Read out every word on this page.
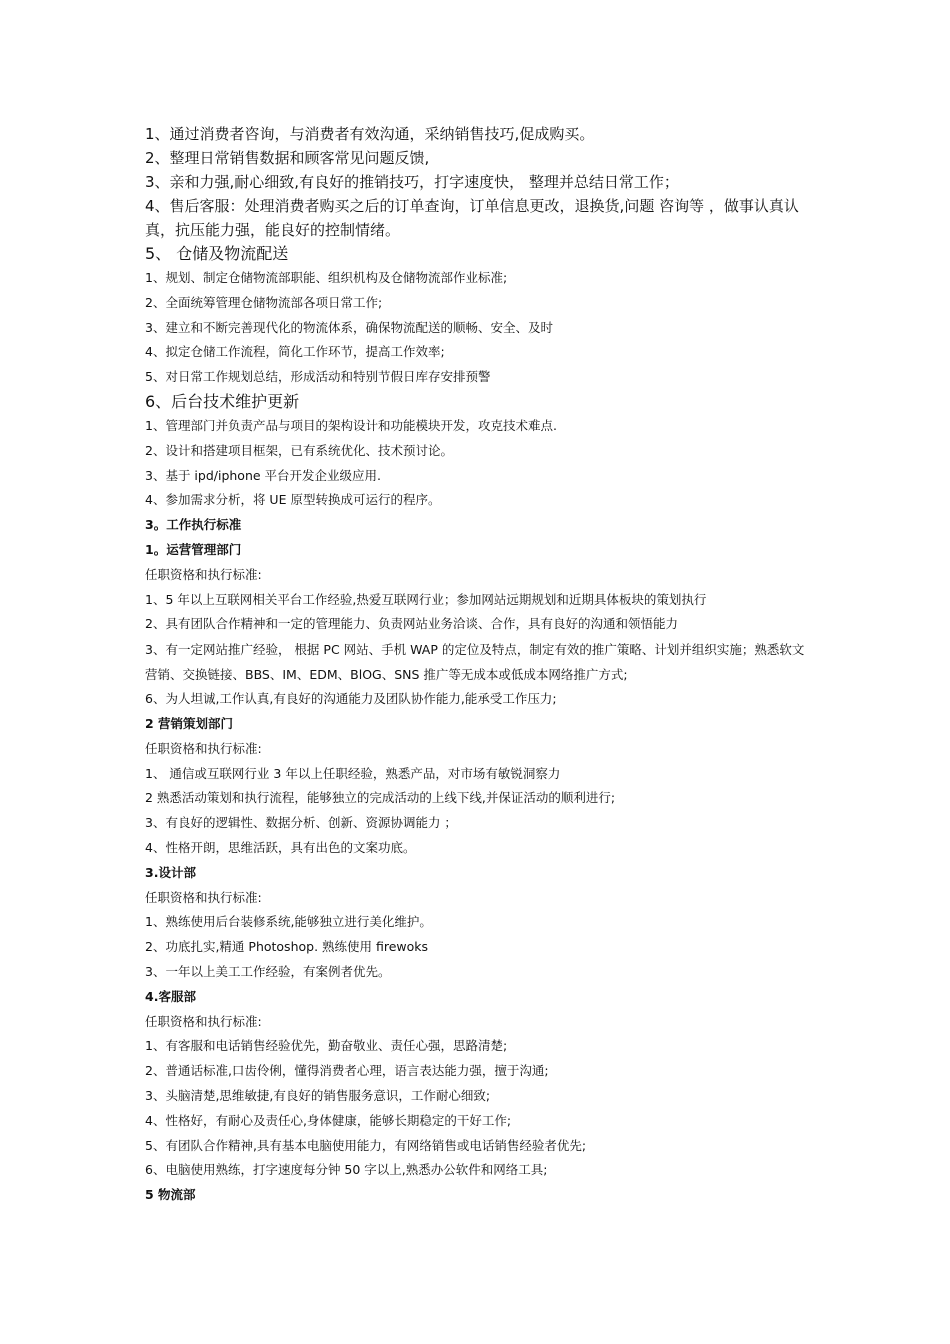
1、通过消费者咨询，与消费者有效沟通，采纳销售技巧,促成购买。

2、整理日常销售数据和顾客常见问题反馈,

3、亲和力强,耐心细致,有良好的推销技巧，打字速度快， 整理并总结日常工作；

4、售后客服：处理消费者购买之后的订单查询，订单信息更改，退换货,问题 咨询等 ，做事认真认真，抗压能力强，能良好的控制情绪。

5、 仓储及物流配送

1、规划、制定仓储物流部职能、组织机构及仓储物流部作业标准;

2、全面统筹管理仓储物流部各项日常工作;

3、建立和不断完善现代化的物流体系，确保物流配送的顺畅、安全、及时

4、拟定仓储工作流程，简化工作环节，提高工作效率;

5、对日常工作规划总结，形成活动和特别节假日库存安排预警

6、后台技术维护更新

1、管理部门并负责产品与项目的架构设计和功能模块开发，攻克技术难点.

2、设计和搭建项目框架，已有系统优化、技术预讨论。

3、基于 ipd/iphone 平台开发企业级应用.

4、参加需求分析，将 UE 原型转换成可运行的程序。

3。工作执行标准

1。运营管理部门

任职资格和执行标准:

1、5 年以上互联网相关平台工作经验,热爱互联网行业；参加网站远期规划和近期具体板块的策划执行

2、具有团队合作精神和一定的管理能力、负责网站业务洽谈、合作，具有良好的沟通和领悟能力

3、有一定网站推广经验， 根据 PC 网站、手机 WAP 的定位及特点，制定有效的推广策略、计划并组织实施；熟悉软文营销、交换链接、BBS、IM、EDM、BlOG、SNS 推广等无成本或低成本网络推广方式;

6、为人坦诚,工作认真,有良好的沟通能力及团队协作能力,能承受工作压力;

2 营销策划部门

任职资格和执行标准:

1、 通信或互联网行业 3 年以上任职经验，熟悉产品，对市场有敏锐洞察力

2 熟悉活动策划和执行流程，能够独立的完成活动的上线下线,并保证活动的顺利进行;

3、有良好的逻辑性、数据分析、创新、资源协调能力 ；

4、性格开朗，思维活跃，具有出色的文案功底。

3.设计部

任职资格和执行标准:

1、熟练使用后台装修系统,能够独立进行美化维护。

2、功底扎实,精通 Photoshop. 熟练使用 firewoks

3、一年以上美工工作经验，有案例者优先。

4.客服部

任职资格和执行标准:

1、有客服和电话销售经验优先，勤奋敬业、责任心强，思路清楚;

2、普通话标准,口齿伶俐，懂得消费者心理，语言表达能力强，擅于沟通;

3、头脑清楚,思维敏捷,有良好的销售服务意识，工作耐心细致;

4、性格好，有耐心及责任心,身体健康，能够长期稳定的干好工作;

5、有团队合作精神,具有基本电脑使用能力，有网络销售或电话销售经验者优先;

6、电脑使用熟练，打字速度每分钟 50 字以上,熟悉办公软件和网络工具;

5 物流部
